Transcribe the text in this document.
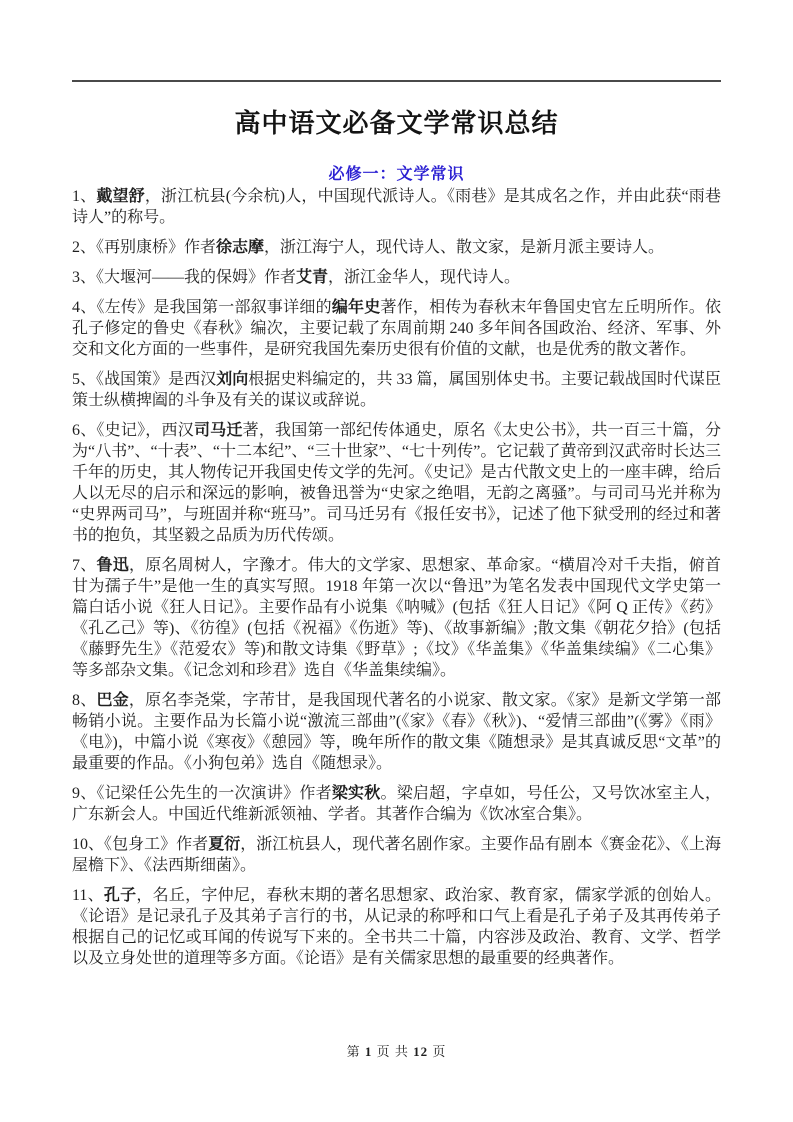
高中语文必备文学常识总结
必修一：文学常识

1、戴望舒，浙江杭县(今余杭)人，中国现代派诗人。《雨巷》是其成名之作，并由此获“雨巷诗人”的称号。

2、《再别康桥》作者徐志摩，浙江海宁人，现代诗人、散文家，是新月派主要诗人。

3、《大堰河——我的保姆》作者艾青，浙江金华人，现代诗人。

4、《左传》是我国第一部叙事详细的编年史著作，相传为春秋末年鲁国史官左丘明所作。依孔子修定的鲁史《春秋》编次，主要记载了东周前期 240 多年间各国政治、经济、军事、外交和文化方面的一些事件，是研究我国先秦历史很有价值的文献，也是优秀的散文著作。

5、《战国策》是西汉刘向根据史料编定的，共 33 篇，属国别体史书。主要记载战国时代谋臣策士纵横捭阖的斗争及有关的谋议或辞说。

6、《史记》，西汉司马迁著，我国第一部纪传体通史，原名《太史公书》，共一百三十篇，分为“八书”、“十表”、“十二本纪”、“三十世家”、“七十列传”。它记载了黄帝到汉武帝时长达三千年的历史，其人物传记开我国史传文学的先河。《史记》是古代散文史上的一座丰碑，给后人以无尽的启示和深远的影响，被鲁迅誉为“史家之绝唱，无韵之离骚”。与司司马光并称为“史界两司马”，与班固并称“班马”。司马迁另有《报任安书》，记述了他下狱受刑的经过和著书的抱负，其坚毅之品质为历代传颂。

7、鲁迅，原名周树人，字豫才。伟大的文学家、思想家、革命家。“横眉冷对千夫指，俯首甘为孺子牛”是他一生的真实写照。1918 年第一次以“鲁迅”为笔名发表中国现代文学史第一篇白话小说《狂人日记》。主要作品有小说集《呐喊》(包括《狂人日记》《阿 Q 正传》《药》《孔乙己》等)、《彷徨》(包括《祝福》《伤逝》等)、《故事新编》;散文集《朝花夕拾》(包括《藤野先生》《范爱农》等)和散文诗集《野草》;《坟》《华盖集》《华盖集续编》《二心集》等多部杂文集。《记念刘和珍君》选自《华盖集续编》。

8、巴金，原名李尧棠，字芾甘，是我国现代著名的小说家、散文家。《家》是新文学第一部畅销小说。主要作品为长篇小说“激流三部曲”(《家》《春》《秋》)、“爱情三部曲”(《雾》《雨》《电》)，中篇小说《寒夜》《憩园》等，晚年所作的散文集《随想录》是其真诚反思“文革”的最重要的作品。《小狗包弟》选自《随想录》。

9、《记梁任公先生的一次演讲》作者梁实秋。梁启超，字卓如，号任公，又号饮冰室主人，广东新会人。中国近代维新派领袖、学者。其著作合编为《饮冰室合集》。

10、《包身工》作者夏衍，浙江杭县人，现代著名剧作家。主要作品有剧本《赛金花》、《上海屋檐下》、《法西斯细菌》。

11、孔子，名丘，字仲尼，春秋末期的著名思想家、政治家、教育家，儒家学派的创始人。《论语》是记录孔子及其弟子言行的书，从记录的称呼和口气上看是孔子弟子及其再传弟子根据自己的记忆或耳闻的传说写下来的。全书共二十篇，内容涉及政治、教育、文学、哲学以及立身处世的道理等多方面。《论语》是有关儒家思想的最重要的经典著作。

第 1 页 共 12 页
